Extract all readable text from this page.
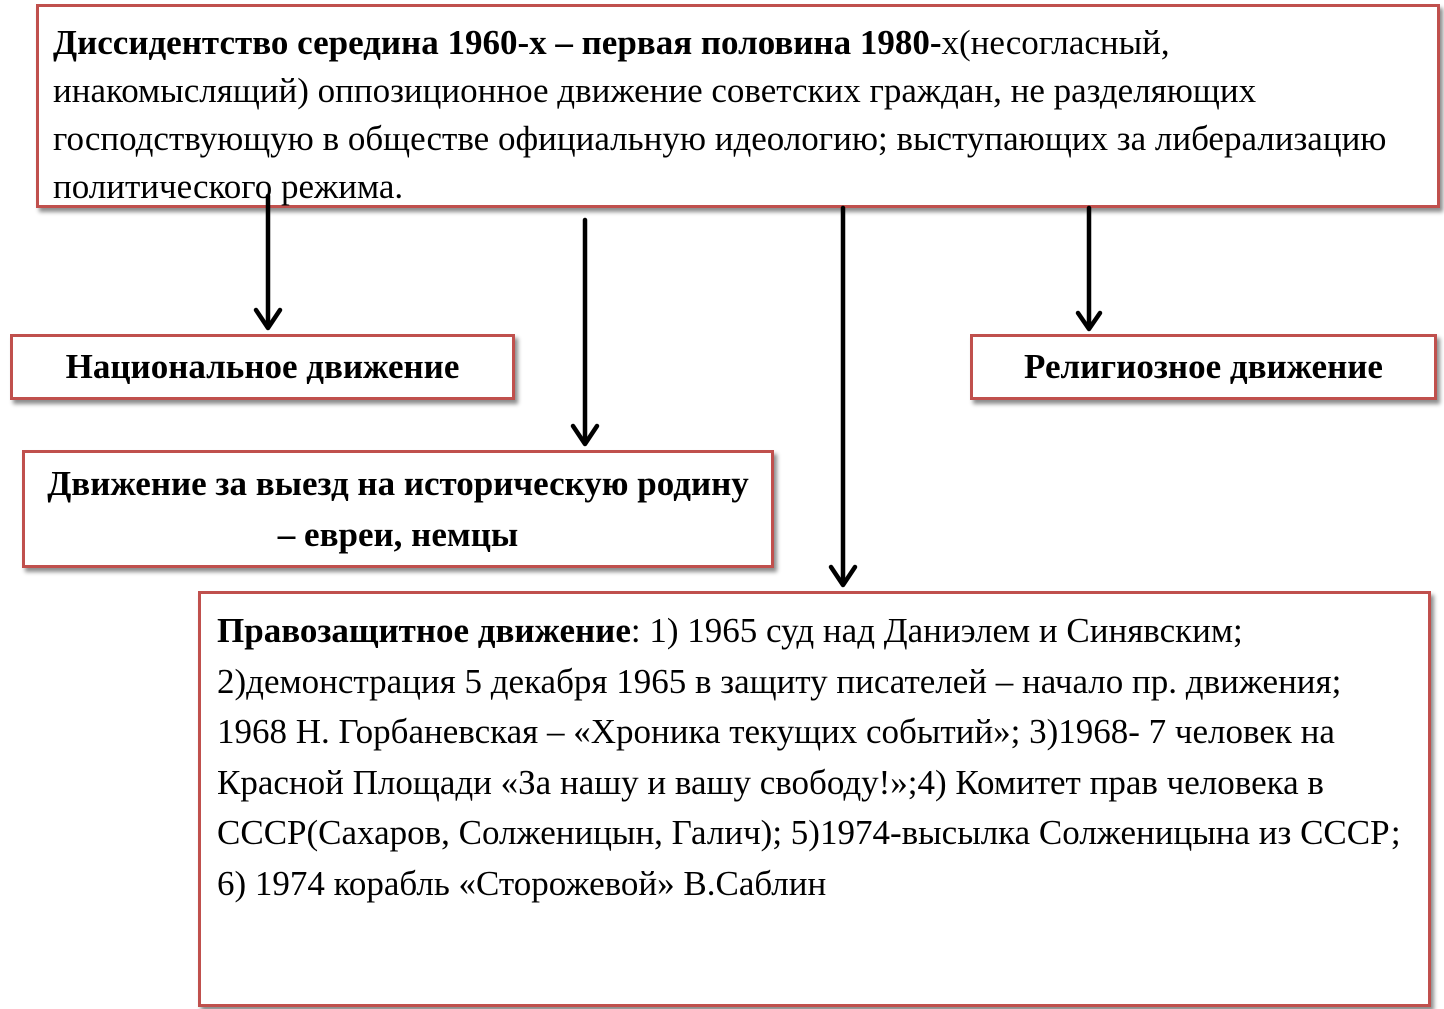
Диссидентство середина 1960-х – первая половина 1980-х(несогласный, инакомыслящий) оппозиционное движение советских граждан, не разделяющих господствующую в обществе официальную идеологию; выступающих за либерализацию политического режима.
Национальное движение	Религиозное движение
Движение за выезд на историческую родину – евреи, немцы
Правозащитное движение: 1) 1965 суд над Даниэлем и Синявским; 2)демонстрация 5 декабря 1965 в защиту писателей – начало пр. движения; 1968 Н. Горбаневская – «Хроника текущих событий»; 3)1968- 7 человек на Красной Площади «За нашу и вашу свободу!»;4) Комитет прав человека в СССР(Сахаров, Солженицын, Галич); 5)1974-высылка Солженицына из СССР; 6) 1974 корабль «Сторожевой» В.Саблин
